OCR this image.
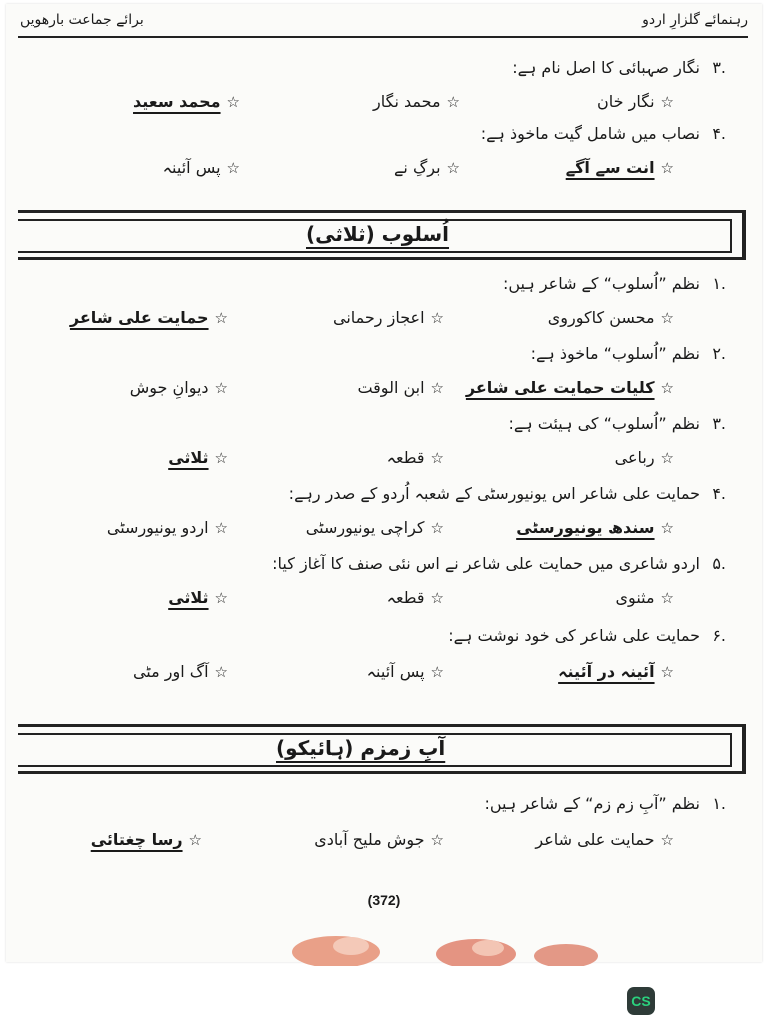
رہنمائے گلزارِ اردو
برائے جماعت بارھویں
۳.
نگار صہبائی کا اصل نام ہے:
☆نگار خان
☆محمد نگار
☆محمد سعید
۴.
نصاب میں شامل گیت ماخوذ ہے:
☆انت سے آگے
☆برگِ نے
☆پس آئینہ
اُسلوب (ثلاثی)
۱.
نظم ”اُسلوب“ کے شاعر ہیں:
☆محسن کاکوروی
☆اعجاز رحمانی
☆حمایت علی شاعر
۲.
نظم ”اُسلوب“ ماخوذ ہے:
☆کلیات حمایت علی شاعر
☆ابن الوقت
☆دیوانِ جوش
۳.
نظم ”اُسلوب“ کی ہیئت ہے:
☆رباعی
☆قطعہ
☆ثلاثی
۴.
حمایت علی شاعر اس یونیورسٹی کے شعبہ اُردو کے صدر رہے:
☆سندھ یونیورسٹی
☆کراچی یونیورسٹی
☆اردو یونیورسٹی
۵.
اردو شاعری میں حمایت علی شاعر نے اس نئی صنف کا آغاز کیا:
☆مثنوی
☆قطعہ
☆ثلاثی
۶.
حمایت علی شاعر کی خود نوشت ہے:
☆آئینہ در آئینہ
☆پس آئینہ
☆آگ اور مٹی
آبِ زمزم (ہائیکو)
۱.
نظم ”آبِ زم زم“ کے شاعر ہیں:
☆حمایت علی شاعر
☆جوش ملیح آبادی
☆رسا چغتائی
(372)
CS
